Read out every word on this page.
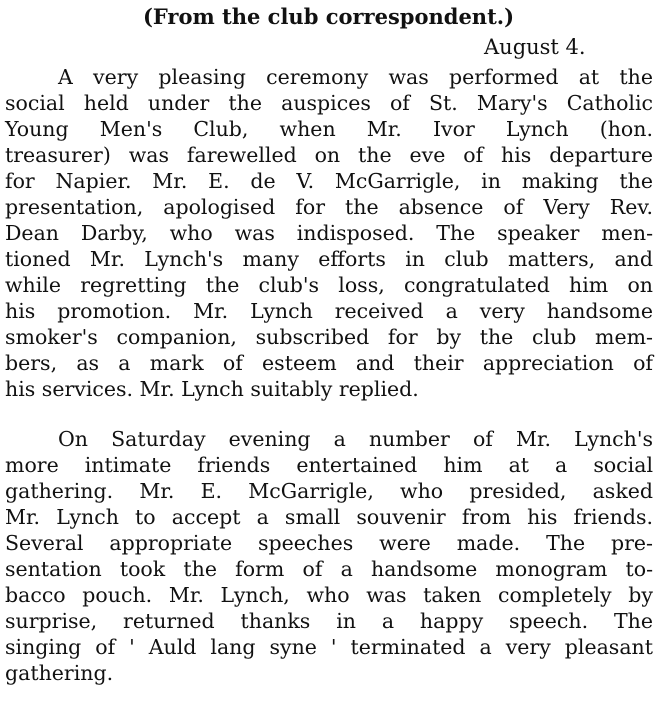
(From the club correspondent.)
August 4.
A very pleasing ceremony was performed at the
social held under the auspices of St. Mary's Catholic
Young Men's Club, when Mr. Ivor Lynch (hon.
treasurer) was farewelled on the eve of his departure
for Napier. Mr. E. de V. McGarrigle, in making the
presentation, apologised for the absence of Very Rev.
Dean Darby, who was indisposed. The speaker men-
tioned Mr. Lynch's many efforts in club matters, and
while regretting the club's loss, congratulated him on
his promotion. Mr. Lynch received a very handsome
smoker's companion, subscribed for by the club mem-
bers, as a mark of esteem and their appreciation of
his services. Mr. Lynch suitably replied.
On Saturday evening a number of Mr. Lynch's
more intimate friends entertained him at a social
gathering. Mr. E. McGarrigle, who presided, asked
Mr. Lynch to accept a small souvenir from his friends.
Several appropriate speeches were made. The pre-
sentation took the form of a handsome monogram to-
bacco pouch. Mr. Lynch, who was taken completely by
surprise, returned thanks in a happy speech. The
singing of ' Auld lang syne ' terminated a very pleasant
gathering.
